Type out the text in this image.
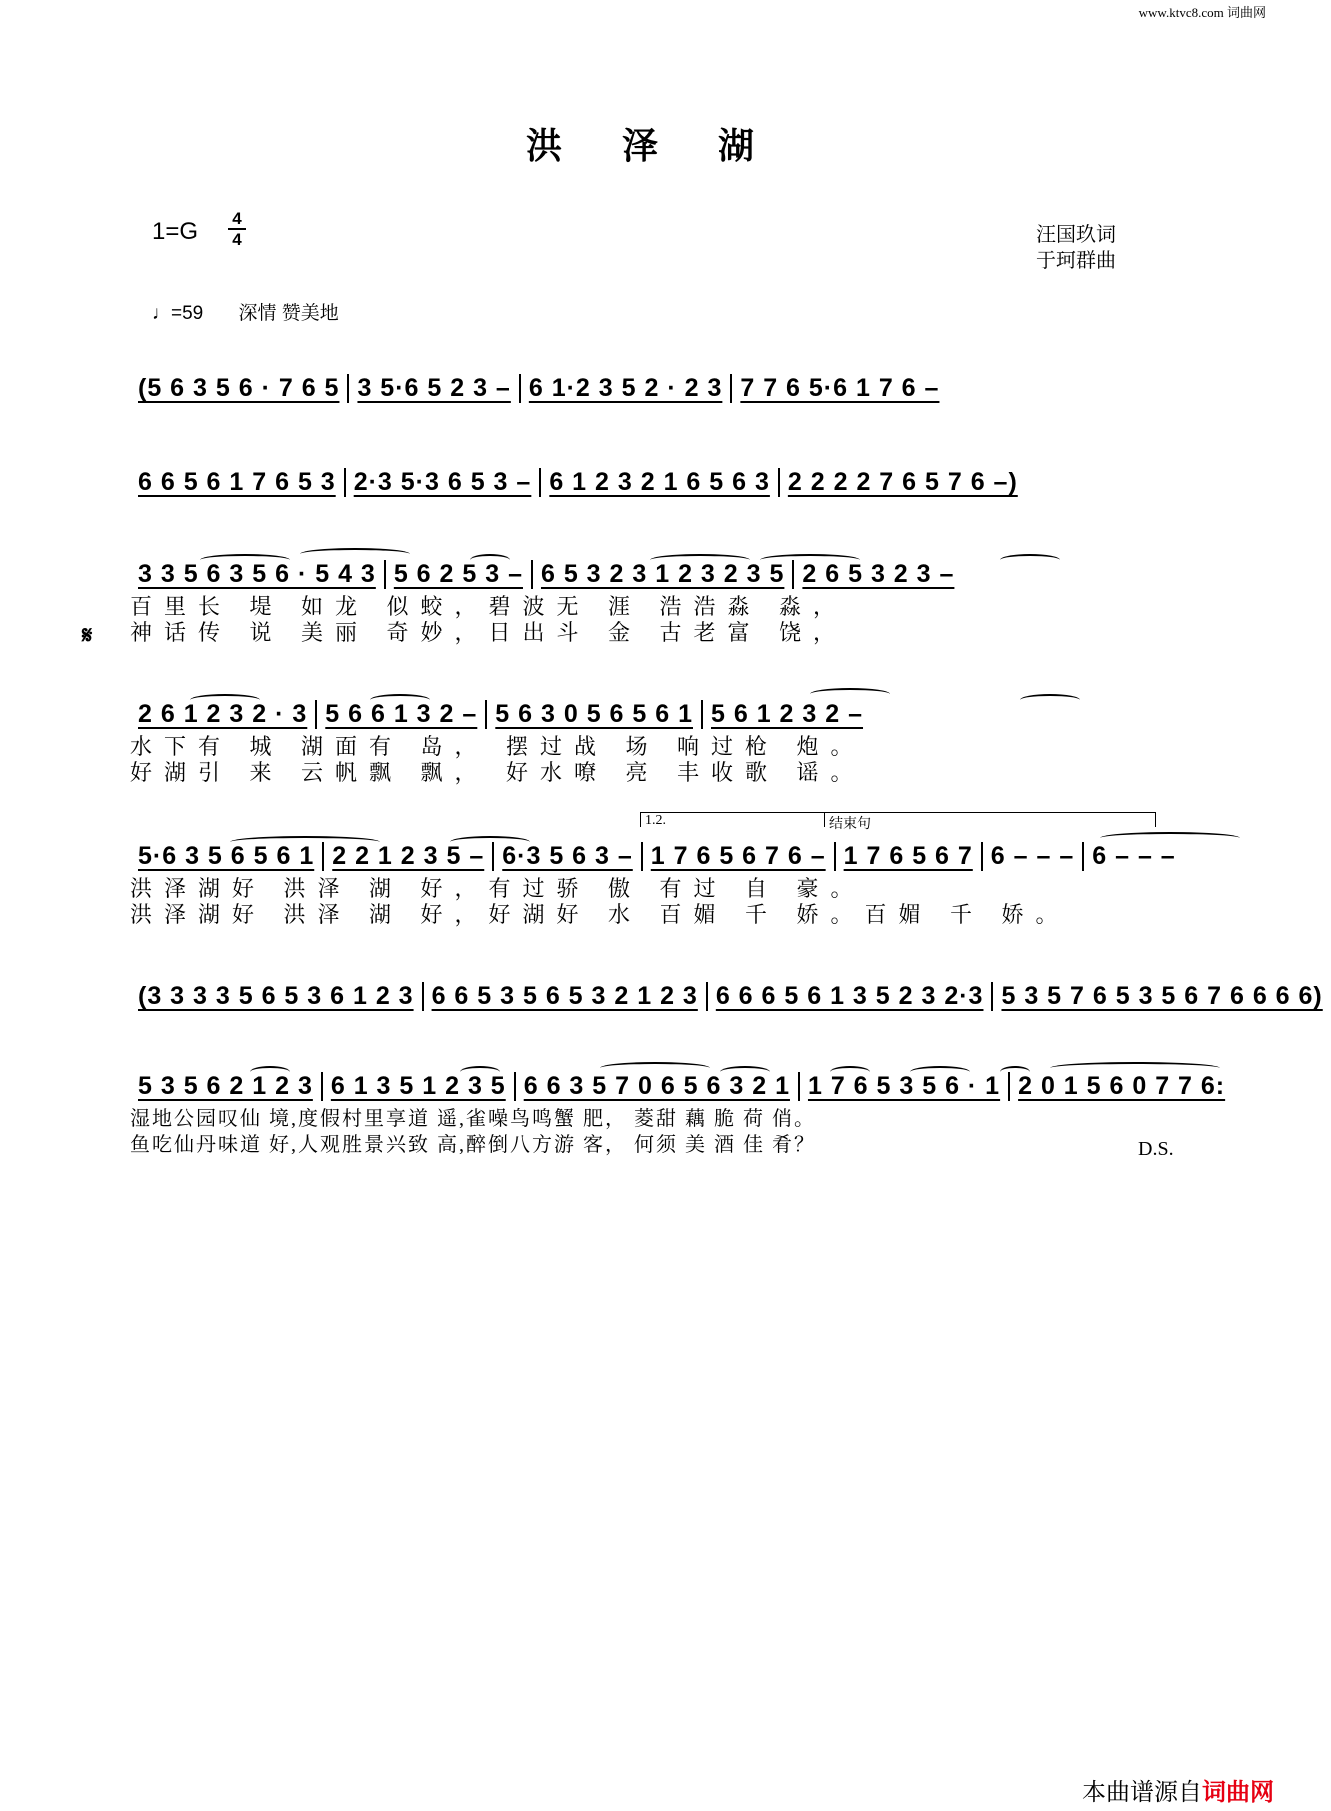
www.ktvc8.com 词曲网
洪泽湖
1=G 4
4	汪国玖词
于珂群曲
♩=59 深情 赞美地
(5 6 3 5 6 · 7 6 5 3 5·6 5 2 3 – 6 1·2 3 5 2 · 2 3 7 7 6 5·6 1 7 6 –
6 6 5 6 1 7 6 5 3 2·3 5·3 6 5 3 – 6 1 2 3 2 1 6 5 6 3 2 2 2 2 7 6 5 7 6 –)
𝄋
3 3 5 6 3 5 6 · 5 4 3 5 6 2 5 3 – 6 5 3 2 3 1 2 3 2 3 5 2 6 5 3 2 3 –
百里长 堤 如龙 似蛟，碧波无 涯 浩浩淼 淼，
神话传 说 美丽 奇妙，日出斗 金 古老富 饶，
2 6 1 2 3 2 · 3 5 6 6 1 3 2 – 5 6 3 0 5 6 5 6 1 5 6 1 2 3 2 –
水下有 城 湖面有 岛， 摆过战 场 响过枪 炮。
好湖引 来 云帆飘 飘， 好水嘹 亮 丰收歌 谣。
1.2.	结束句
5·6 3 5 6 5 6 1 2 2 1 2 3 5 – 6·3 5 6 3 – 1 7 6 5 6 7 6 – 1 7 6 5 6 7 6 – – – 6 – – –
洪泽湖好 洪泽 湖 好，有过骄 傲 有过 自 豪。
洪泽湖好 洪泽 湖 好，好湖好 水 百媚 千 娇。百媚 千 娇。
(3 3 3 3 5 6 5 3 6 1 2 3 6 6 5 3 5 6 5 3 2 1 2 3 6 6 6 5 6 1 3 5 2 3 2·3 5 3 5 7 6 5 3 5 6 7 6 6 6 6)
5 3 5 6 2 1 2 3 6 1 3 5 1 2 3 5 6 6 3 5 7 0 6 5 6 3 2 1 1 7 6 5 3 5 6 · 1 2 0 1 5 6 0 7 7 6:
湿地公园叹仙 境,度假村里享道 遥,雀噪鸟鸣蟹 肥， 菱甜 藕 脆 荷 俏。
鱼吃仙丹味道 好,人观胜景兴致 高,醉倒八方游 客， 何须 美 酒 佳 肴？	D.S.
本曲谱源自词曲网
